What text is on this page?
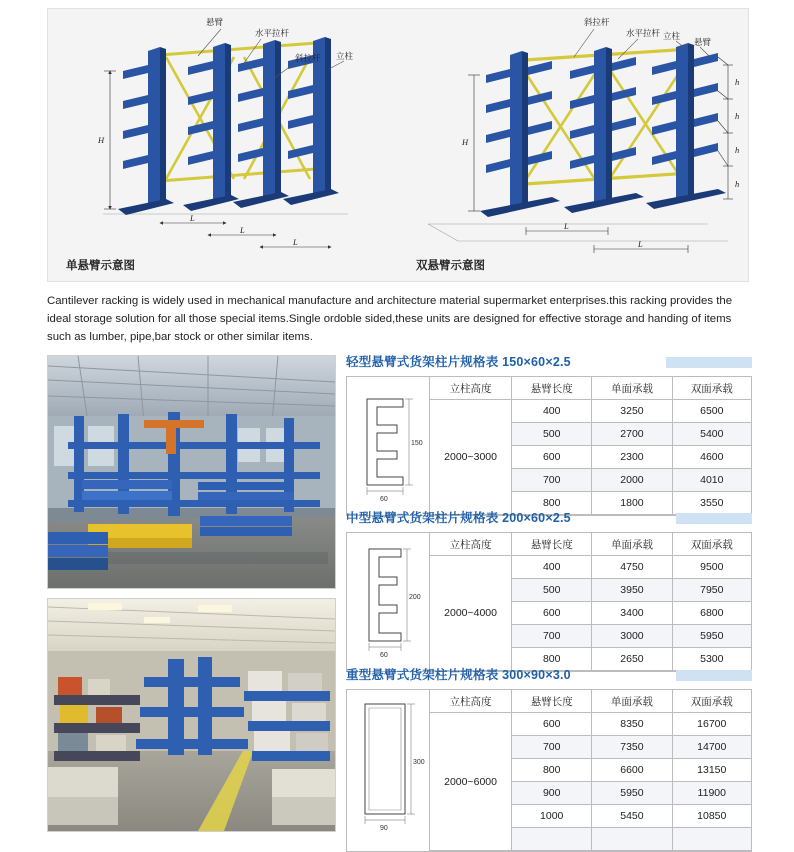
悬臂
水平拉杆
斜拉杆 立柱
H
L
L
L
单悬臂示意图
斜拉杆
水平拉杆 立柱
悬臂
H
h
h
h
h
L
L
双悬臂示意图
Cantilever racking is widely used in mechanical manufacture and architecture material supermarket enterprises.this racking provides the ideal storage solution for all those special items.Single ordoble sided,these units are designed for effective storage and handing of items such as lumber, pipe,bar stock or other similar items.
轻型悬臂式货架柱片规格表 150×60×2.5
150
60
立柱高度	悬臂长度	单面承载	双面承载
2000~3000	400	3250	6500
	500	2700	5400
	600	2300	4600
	700	2000	4010
	800	1800	3550
中型悬臂式货架柱片规格表 200×60×2.5
200
60
立柱高度	悬臂长度	单面承载	双面承载
2000~4000	400	4750	9500
	500	3950	7950
	600	3400	6800
	700	3000	5950
	800	2650	5300
重型悬臂式货架柱片规格表 300×90×3.0
300
90
立柱高度	悬臂长度	单面承载	双面承载
2000~6000	600	8350	16700
	700	7350	14700
	800	6600	13150
	900	5950	11900
	1000	5450	10850
